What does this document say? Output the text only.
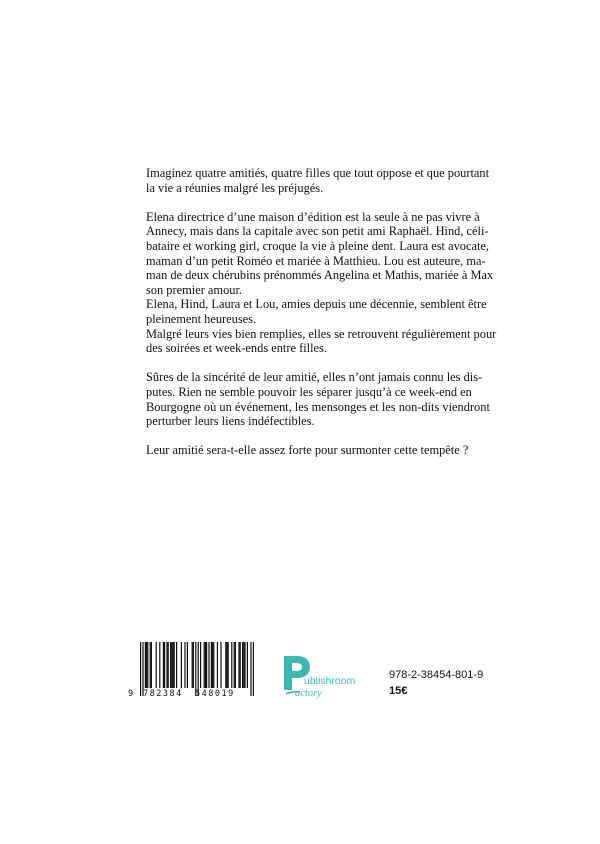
Imaginez quatre amitiés, quatre filles que tout oppose et que pourtant
la vie a réunies malgré les préjugés.

Elena directrice d’une maison d’édition est la seule à ne pas vivre à
Annecy, mais dans la capitale avec son petit ami Raphaël. Hind, céli-
bataire et working girl, croque la vie à pleine dent. Laura est avocate,
maman d’un petit Roméo et mariée à Matthieu. Lou est auteure, ma-
man de deux chérubins prénommés Angelina et Mathis, mariée à Max
son premier amour.
Elena, Hind, Laura et Lou, amies depuis une décennie, semblent être
pleinement heureuses.
Malgré leurs vies bien remplies, elles se retrouvent régulièrement pour
des soirées et week-ends entre filles.

Sûres de la sincérité de leur amitié, elles n’ont jamais connu les dis-
putes. Rien ne semble pouvoir les séparer jusqu’à ce week-end en
Bourgogne où un événement, les mensonges et les non-dits viendront
perturber leurs liens indéfectibles.

Leur amitié sera-t-elle assez forte pour surmonter cette tempête ?

9 782384 548019
ublishroom
actory
978-2-38454-801-9
15€
